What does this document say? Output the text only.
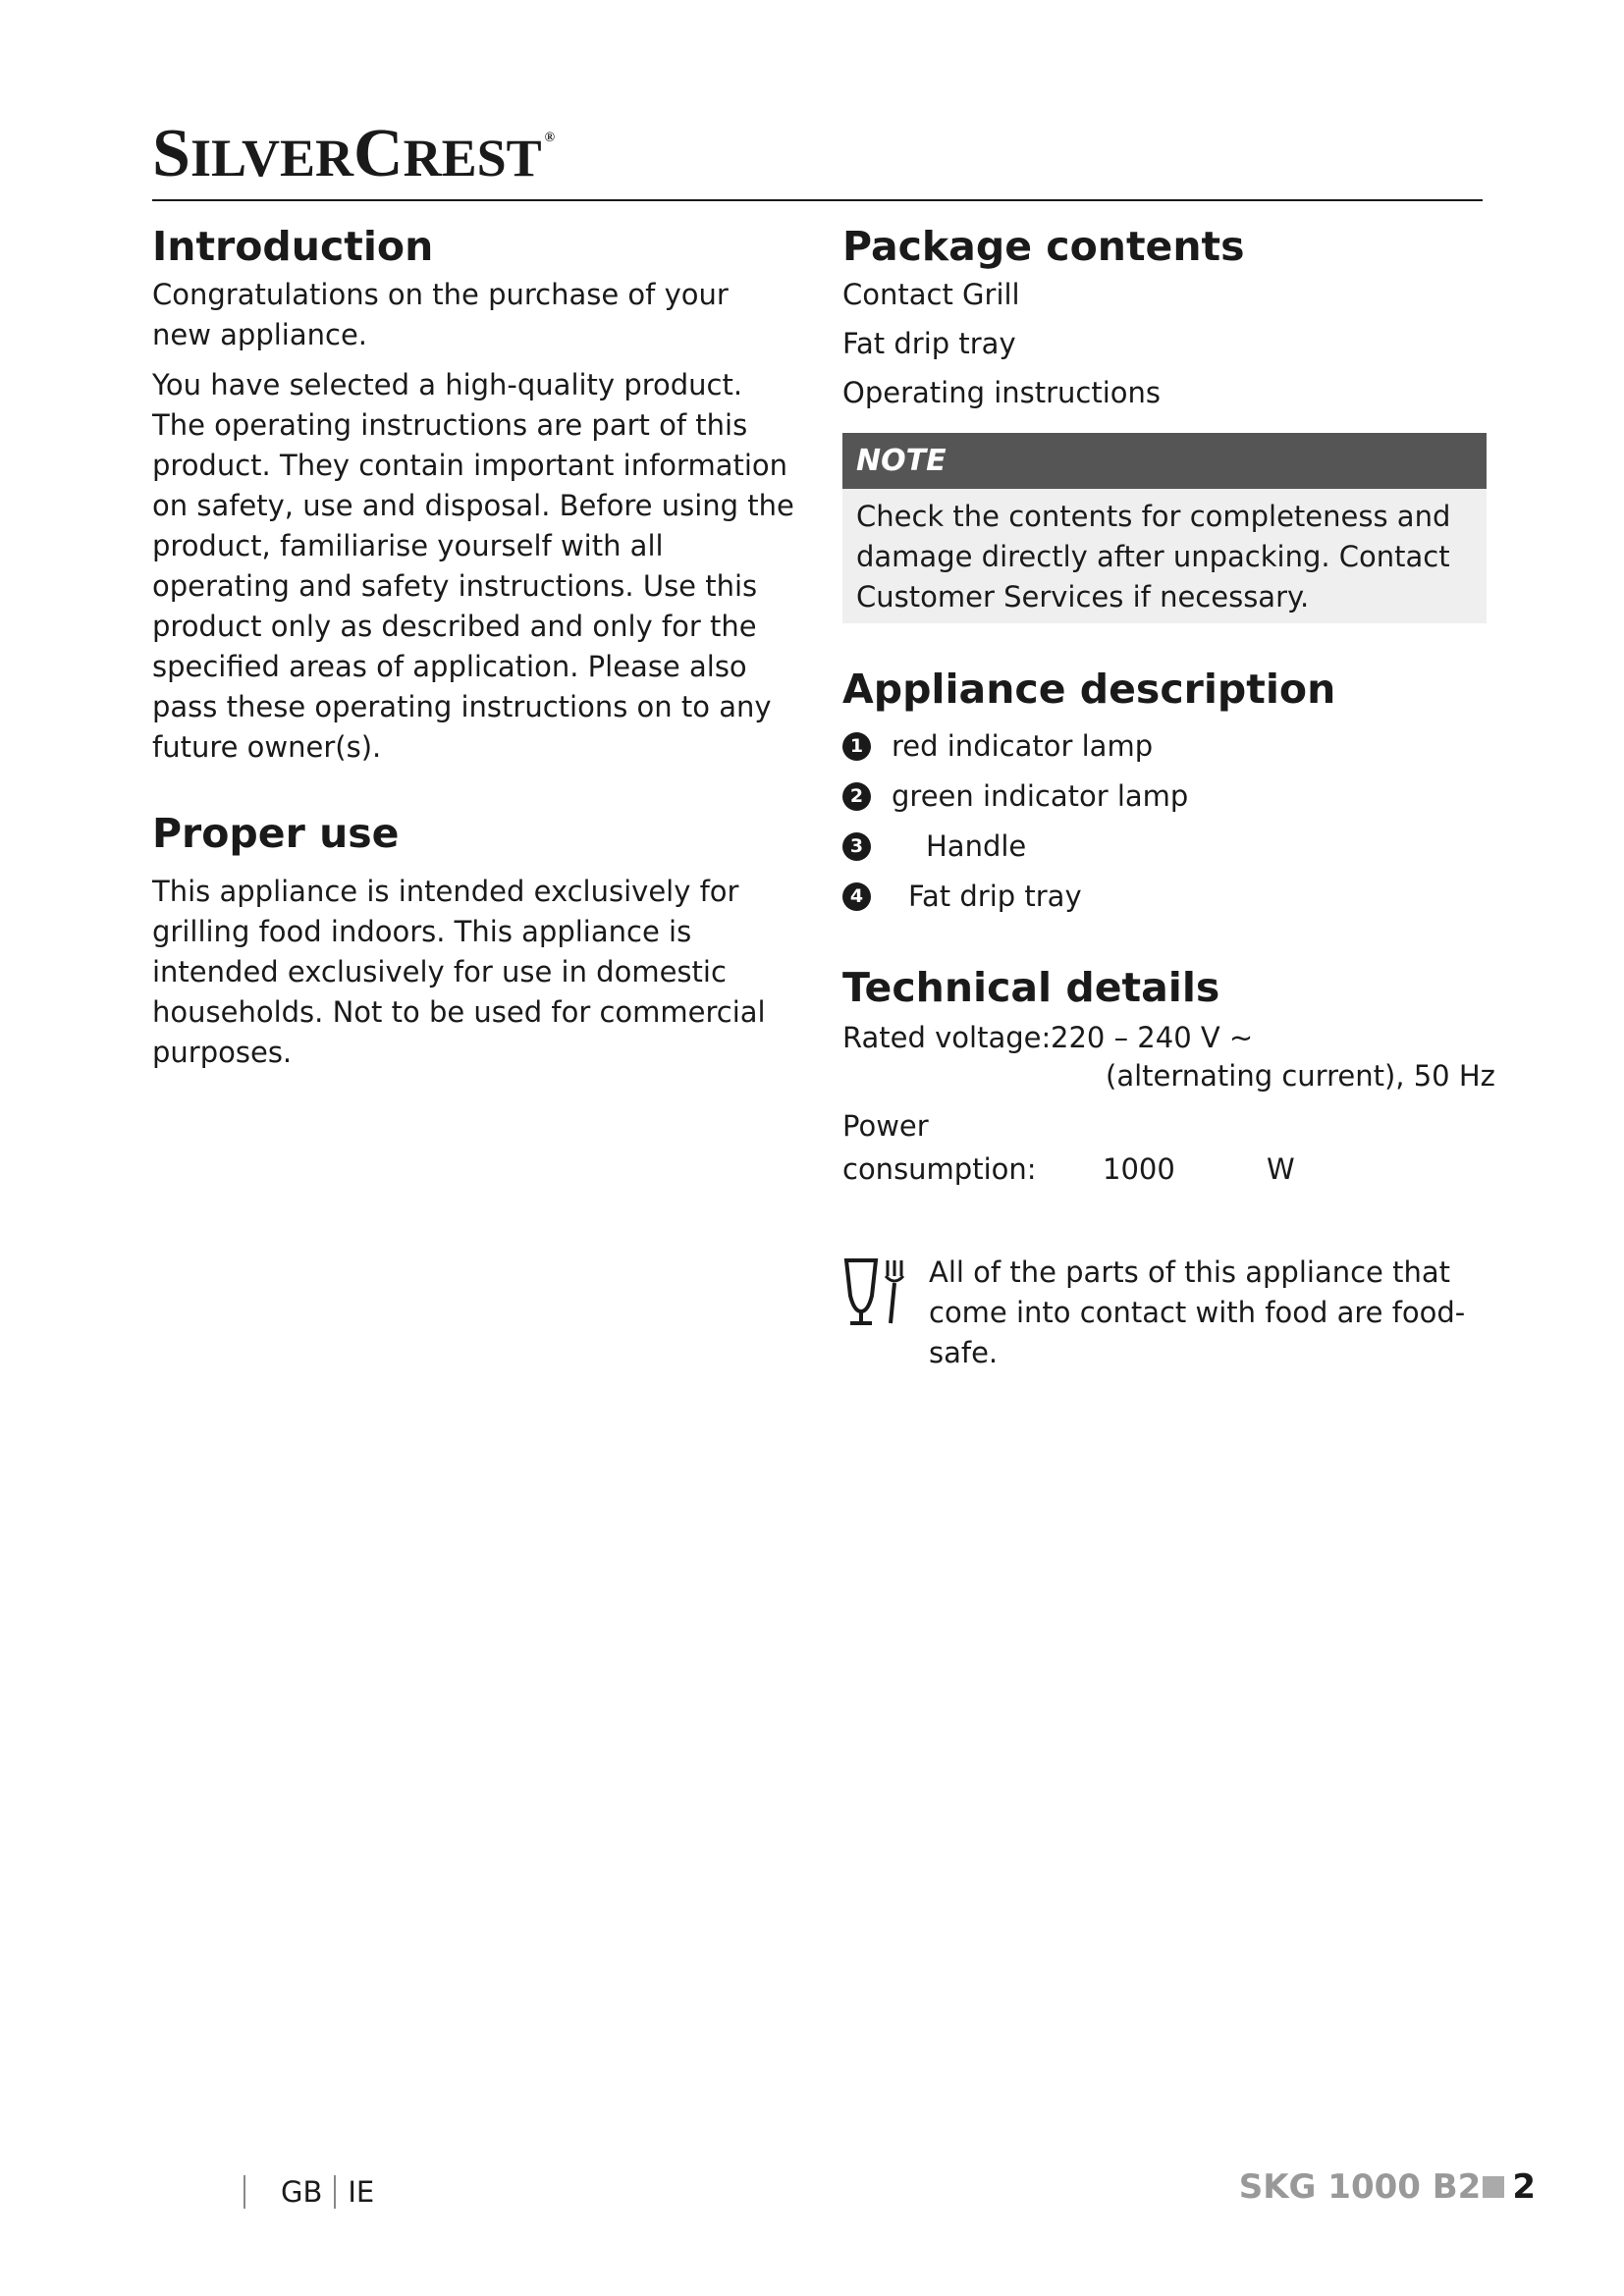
SILVERCREST ®
Introduction

Congratulations on the purchase of your new appliance.

You have selected a high-quality product. The operating instructions are part of this product. They contain important information on safety, use and disposal. Before using the product, familiarise yourself with all operating and safety instructions. Use this product only as described and only for the specified areas of application. Please also pass these operating instructions on to any future owner(s).

Proper use

This appliance is intended exclusively for grilling food indoors. This appliance is intended exclusively for use in domestic households. Not to be used for commercial purposes.

Package contents
Contact Grill
Fat drip tray
Operating instructions
NOTE
Check the contents for completeness and damage directly after unpacking. Contact Customer Services if necessary.
Appliance description
1 red indicator lamp
2 green indicator lamp
3 Handle
4 Fat drip tray
Technical details
Rated voltage: 220 – 240 V ~
(alternating current), 50 Hz
Power
consumption: 1000	W

All of the parts of this appliance that come into contact with food are food-safe.

GB IE	SKG 1000 B2 2
